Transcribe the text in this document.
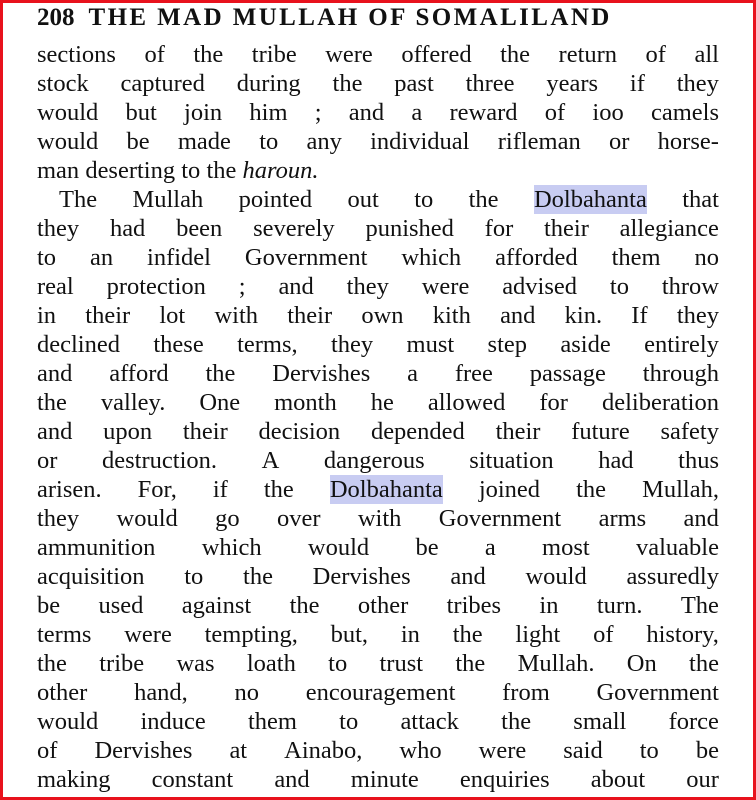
208 THE MAD MULLAH OF SOMALILAND
sections of the tribe were offered the return of all
stock captured during the past three years if they
would but join him ; and a reward of ioo camels
would be made to any individual rifleman or horse-
man deserting to the haroun.
The Mullah pointed out to the Dolbahanta that
they had been severely punished for their allegiance
to an infidel Government which afforded them no
real protection ; and they were advised to throw
in their lot with their own kith and kin. If they
declined these terms, they must step aside entirely
and afford the Dervishes a free passage through
the valley. One month he allowed for deliberation
and upon their decision depended their future safety
or destruction. A dangerous situation had thus
arisen. For, if the Dolbahanta joined the Mullah,
they would go over with Government arms and
ammunition which would be a most valuable
acquisition to the Dervishes and would assuredly
be used against the other tribes in turn. The
terms were tempting, but, in the light of history,
the tribe was loath to trust the Mullah. On the
other hand, no encouragement from Government
would induce them to attack the small force
of Dervishes at Ainabo, who were said to be
making constant and minute enquiries about our
